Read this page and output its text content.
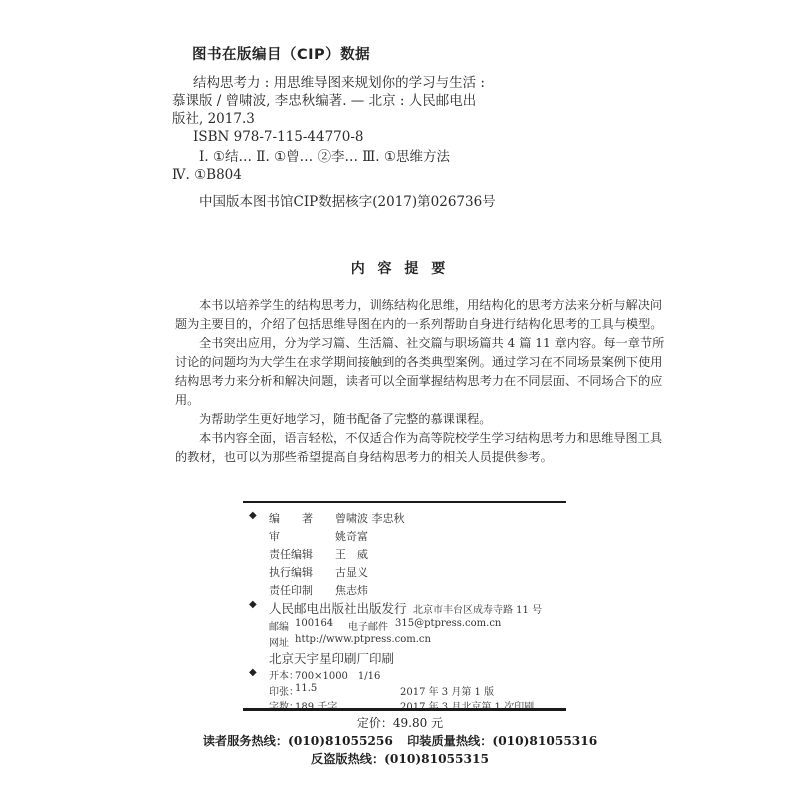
图书在版编目（CIP）数据
结构思考力 : 用思维导图来规划你的学习与生活 :
慕课版 / 曾啸波, 李忠秋编著. — 北京 : 人民邮电出
版社, 2017.3
ISBN 978-7-115-44770-8
Ⅰ. ①结… Ⅱ. ①曾… ②李… Ⅲ. ①思维方法
Ⅳ. ①B804
中国版本图书馆CIP数据核字(2017)第026736号
内 容 提 要
本书以培养学生的结构思考力，训练结构化思维，用结构化的思考方法来分析与解决问
题为主要目的，介绍了包括思维导图在内的一系列帮助自身进行结构化思考的工具与模型。
全书突出应用，分为学习篇、生活篇、社交篇与职场篇共 4 篇 11 章内容。每一章节所
讨论的问题均为大学生在求学期间接触到的各类典型案例。通过学习在不同场景案例下使用
结构思考力来分析和解决问题，读者可以全面掌握结构思考力在不同层面、不同场合下的应
用。
为帮助学生更好地学习，随书配备了完整的慕课课程。
本书内容全面，语言轻松，不仅适合作为高等院校学生学习结构思考力和思维导图工具
的教材，也可以为那些希望提高自身结构思考力的相关人员提供参考。
◆ 编　　著 曾啸波 李忠秋
审	姚奇富
责任编辑 王　威
执行编辑 古显义
责任印制 焦志炜
◆ 人民邮电出版社出版发行 北京市丰台区成寿寺路 11 号
邮编 100164 电子邮件 315@ptpress.com.cn
网址 http://www.ptpress.com.cn
北京天宇星印刷厂印刷
◆ 开本：
700×1000　1/16
印张：
11.5	2017 年 3 月第 1 版
定价：49.80 元
读者服务热线：(010)81055256 印装质量热线：(010)81055316
反盗版热线：(010)81055315
